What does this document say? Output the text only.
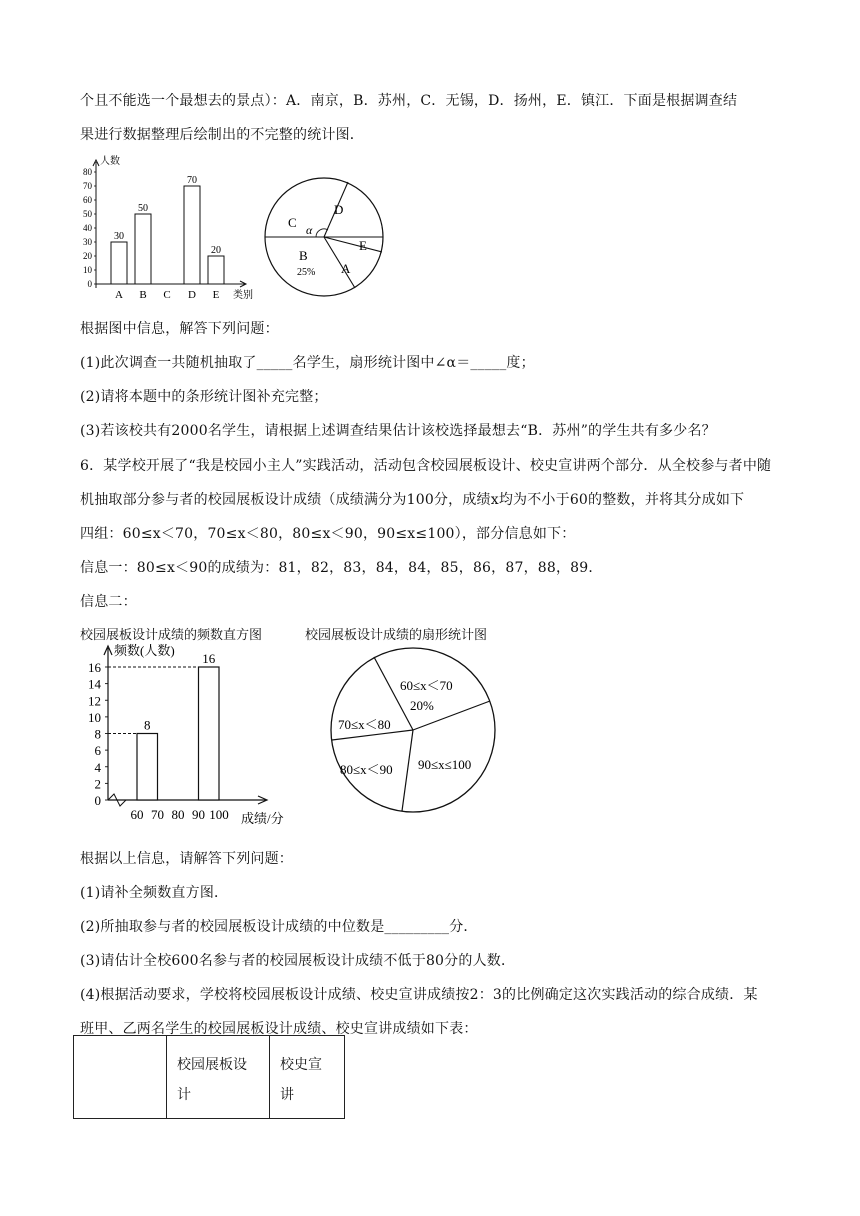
个且不能选一个最想去的景点）：A．南京，B．苏州，C．无锡，D．扬州，E．镇江．下面是根据调查结
果进行数据整理后绘制出的不完整的统计图．
人数
类别
0
10
20
30
40
50
60
70
80
A
30
B
50
C D
70
E
20
D
C
B
A
E
α
25%
根据图中信息，解答下列问题：
(1)此次调查一共随机抽取了_____名学生，扇形统计图中∠α＝_____度；
(2)请将本题中的条形统计图补充完整；
(3)若该校共有2000名学生，请根据上述调查结果估计该校选择最想去“B．苏州”的学生共有多少名？
6．某学校开展了“我是校园小主人”实践活动，活动包含校园展板设计、校史宣讲两个部分．从全校参与者中随
机抽取部分参与者的校园展板设计成绩（成绩满分为100分，成绩x均为不小于60的整数，并将其分成如下
四组：60≤x＜70，70≤x＜80，80≤x＜90，90≤x≤100），部分信息如下：
信息一：80≤x＜90的成绩为：81，82，83，84，84，85，86，87，88，89．
信息二：
校园展板设计成绩的频数直方图	校园展板设计成绩的扇形统计图
频数(人数)
成绩/分
0
2
4
6
8
10
12
14
16
60 70 80 90 100
8
16
60≤x＜70
20%
70≤x＜80
80≤x＜90 90≤x≤100
根据以上信息，请解答下列问题：
(1)请补全频数直方图．
(2)所抽取参与者的校园展板设计成绩的中位数是_________分．
(3)请估计全校600名参与者的校园展板设计成绩不低于80分的人数．
(4)根据活动要求，学校将校园展板设计成绩、校史宣讲成绩按2：3的比例确定这次实践活动的综合成绩．某
班甲、乙两名学生的校园展板设计成绩、校史宣讲成绩如下表：
	校园展板设计	校史宣讲
